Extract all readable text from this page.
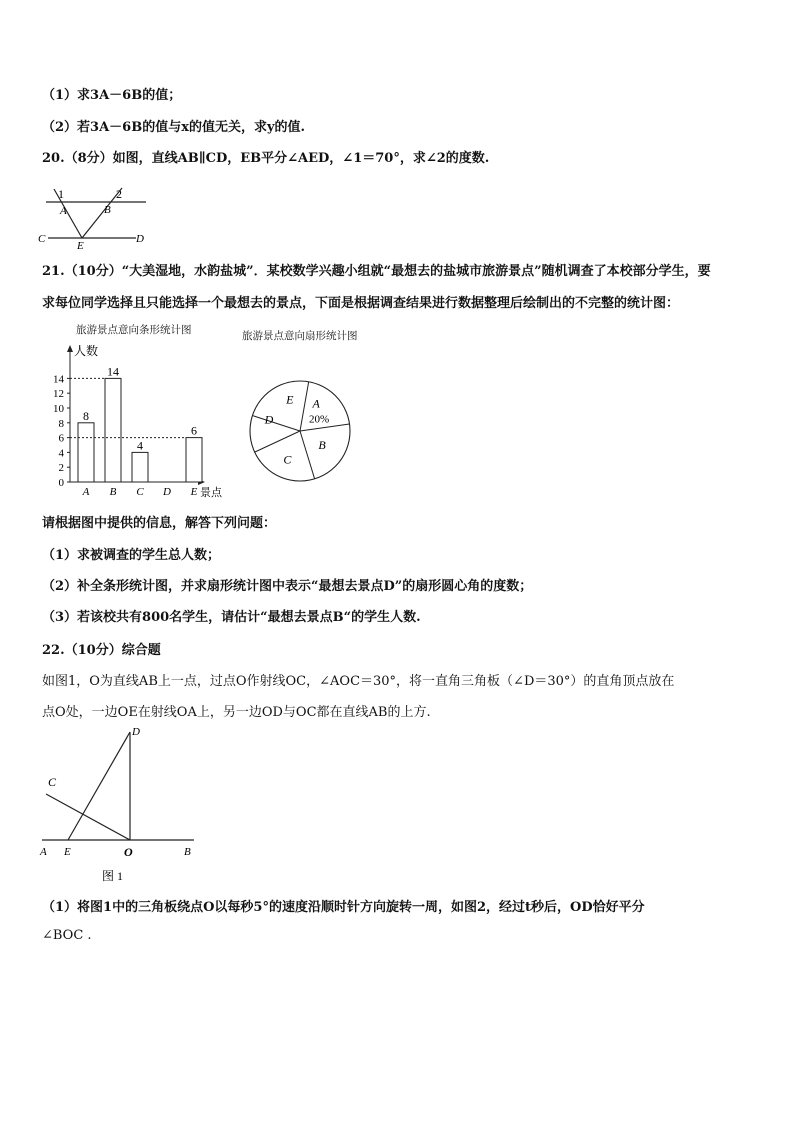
（1）求3A－6B的值；
（2）若3A－6B的值与x的值无关，求y的值.
20.（8分）如图，直线AB∥CD，EB平分∠AED，∠1＝70°，求∠2的度数.
1	2
A	B
C	D
E
21.（10分）“大美湿地，水韵盐城”．某校数学兴趣小组就“最想去的盐城市旅游景点”随机调查了本校部分学生，要
求每位同学选择且只能选择一个最想去的景点，下面是根据调查结果进行数据整理后绘制出的不完整的统计图：
旅游景点意向条形统计图	旅游景点意向扇形统计图
人数
景点
0
2
4
6
8
10
12
14
A
8
B
14
C
4
D E
6
A
20%
B
C
D
E
请根据图中提供的信息，解答下列问题：
（1）求被调查的学生总人数；
（2）补全条形统计图，并求扇形统计图中表示“最想去景点D”的扇形圆心角的度数；
（3）若该校共有800名学生，请估计“最想去景点B“的学生人数.
22.（10分）综合题
如图1，O为直线AB上一点，过点O作射线OC，∠AOC＝30°，将一直角三角板（∠D＝30°）的直角顶点放在
点O处，一边OE在射线OA上，另一边OD与OC都在直线AB的上方.
D
C
A E	O	B
图 1
（1）将图1中的三角板绕点O以每秒5°的速度沿顺时针方向旋转一周，如图2，经过t秒后，OD恰好平分
∠BOC .
